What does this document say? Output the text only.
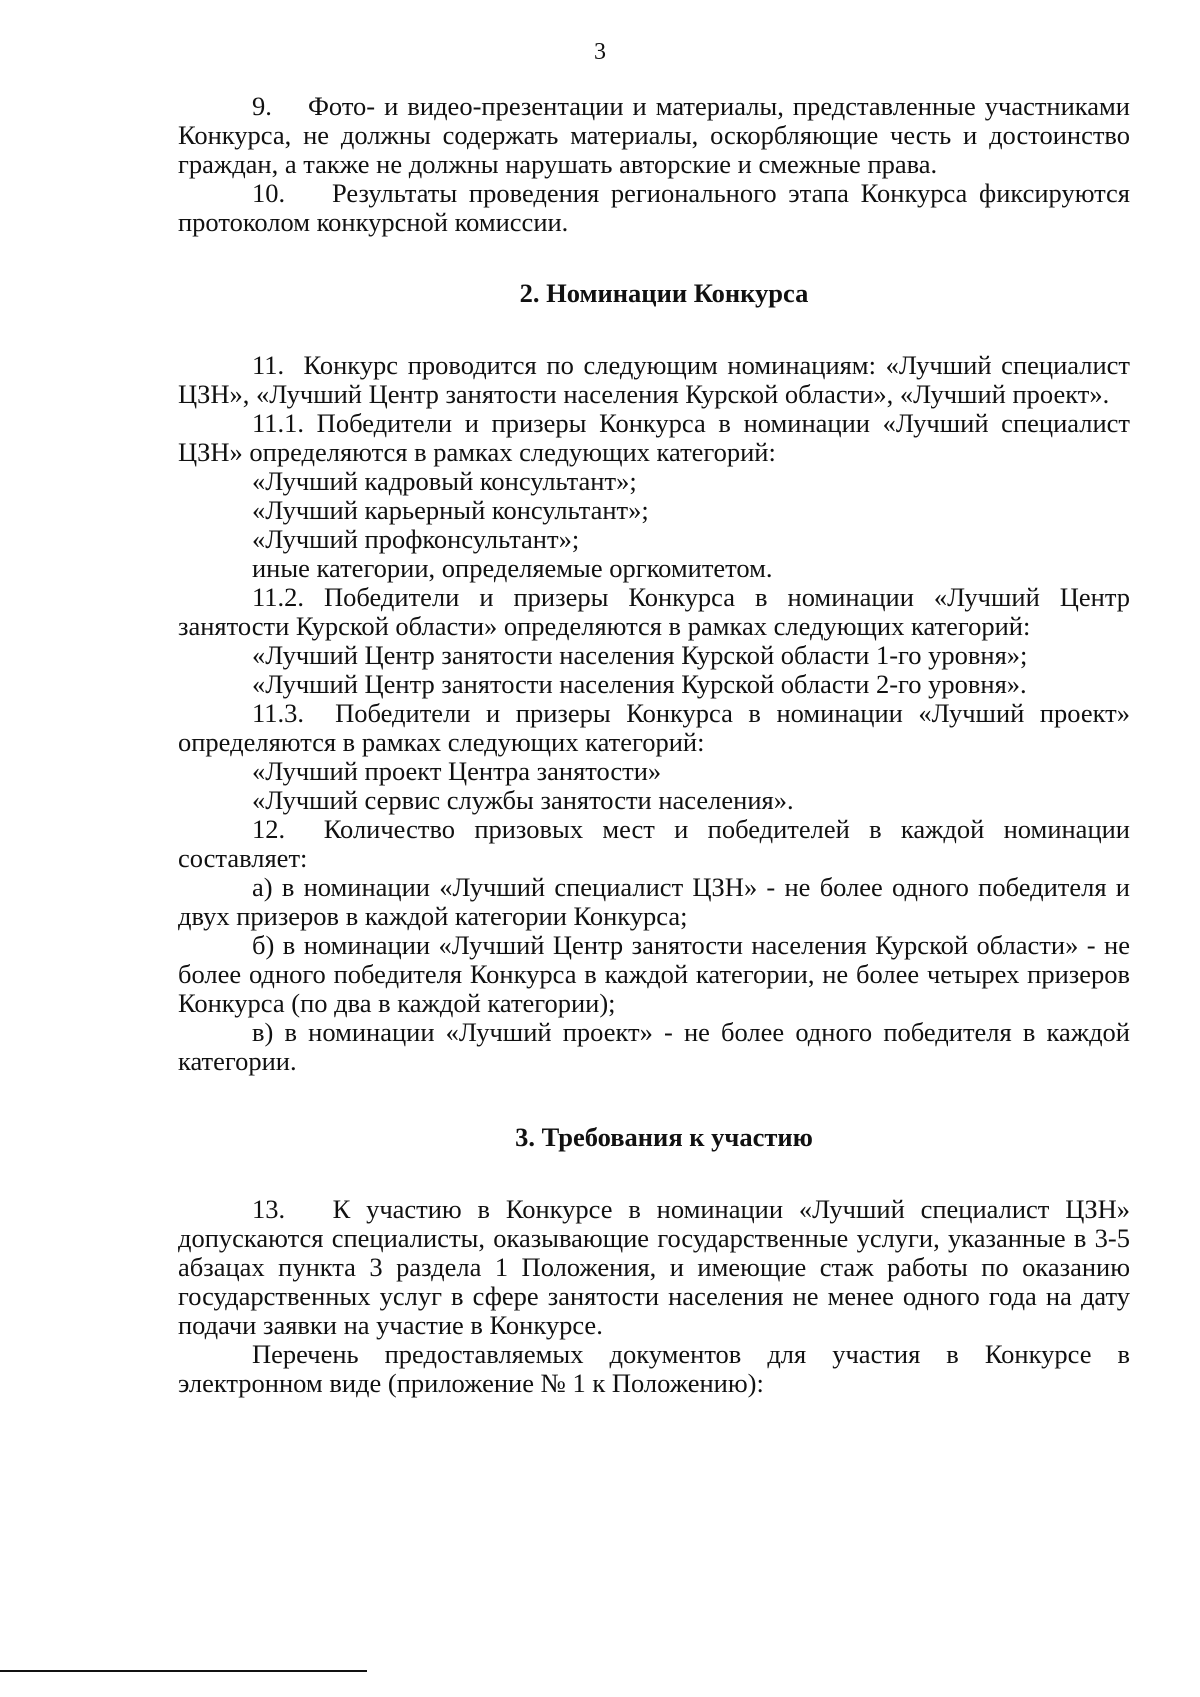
3

9.    Фото- и видео-презентации и материалы, представленные участниками Конкурса, не должны содержать материалы, оскорбляющие честь и достоинство граждан, а также не должны нарушать авторские и смежные права.

10.    Результаты проведения регионального этапа Конкурса фиксируются протоколом конкурсной комиссии.

2. Номинации Конкурса

11.  Конкурс проводится по следующим номинациям: «Лучший специалист ЦЗН», «Лучший Центр занятости населения Курской области», «Лучший проект».

11.1. Победители и призеры Конкурса в номинации «Лучший специалист ЦЗН» определяются в рамках следующих категорий:

«Лучший кадровый консультант»;

«Лучший карьерный консультант»;

«Лучший профконсультант»;

иные категории, определяемые оргкомитетом.

11.2. Победители и призеры Конкурса в номинации «Лучший Центр занятости Курской области» определяются в рамках следующих категорий:

«Лучший Центр занятости населения Курской области 1-го уровня»;

«Лучший Центр занятости населения Курской области 2-го уровня».

11.3.  Победители и призеры Конкурса в номинации «Лучший проект» определяются в рамках следующих категорий:

«Лучший проект Центра занятости»

«Лучший сервис службы занятости населения».

12.  Количество призовых мест и победителей в каждой номинации составляет:

а) в номинации «Лучший специалист ЦЗН» - не более одного победителя и двух призеров в каждой категории Конкурса;

б) в номинации «Лучший Центр занятости населения Курской области» - не более одного победителя Конкурса в каждой категории, не более четырех призеров Конкурса (по два в каждой категории);

в) в номинации «Лучший проект» - не более одного победителя в каждой категории.

3. Требования к участию

13.   К участию в Конкурсе в номинации «Лучший специалист ЦЗН» допускаются специалисты, оказывающие государственные услуги, указанные в 3-5 абзацах пункта 3 раздела 1 Положения, и имеющие стаж работы по оказанию государственных услуг в сфере занятости населения не менее одного года на дату подачи заявки на участие в Конкурсе.

Перечень предоставляемых документов для участия в Конкурсе в электронном виде (приложение № 1 к Положению):
